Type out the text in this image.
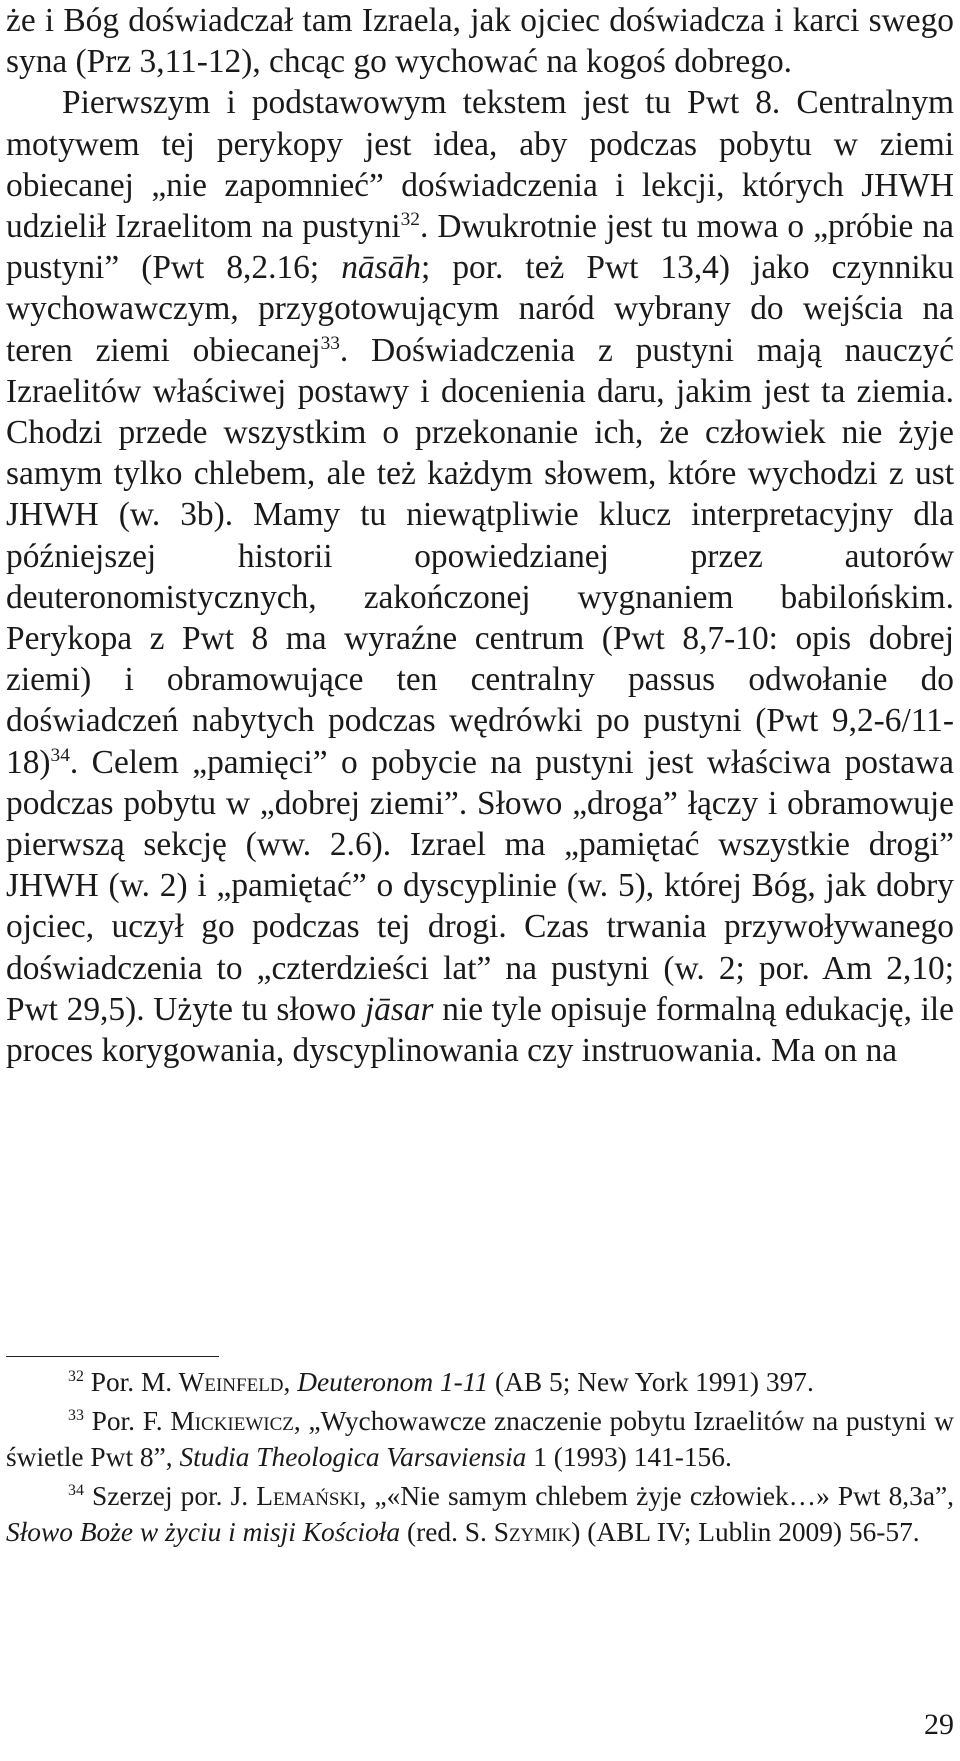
że i Bóg doświadczał tam Izraela, jak ojciec doświadcza i karci swego syna (Prz 3,11-12), chcąc go wychować na kogoś dobrego.

Pierwszym i podstawowym tekstem jest tu Pwt 8. Centralnym motywem tej perykopy jest idea, aby podczas pobytu w ziemi obiecanej „nie zapomnieć” doświadczenia i lekcji, których JHWH udzielił Izraelitom na pustyni$^{32}$. Dwukrotnie jest tu mowa o „próbie na pustyni” (Pwt 8,2.16; nāsāh; por. też Pwt 13,4) jako czynniku wychowawczym, przygotowującym naród wybrany do wejścia na teren ziemi obiecanej$^{33}$. Doświadczenia z pustyni mają nauczyć Izraelitów właściwej postawy i docenienia daru, jakim jest ta ziemia. Chodzi przede wszystkim o przekonanie ich, że człowiek nie żyje samym tylko chlebem, ale też każdym słowem, które wychodzi z ust JHWH (w. 3b). Mamy tu niewątpliwie klucz interpretacyjny dla późniejszej historii opowiedzianej przez autorów deuteronomistycznych, zakończonej wygnaniem babilońskim. Perykopa z Pwt 8 ma wyraźne centrum (Pwt 8,7-10: opis dobrej ziemi) i obramowujące ten centralny passus odwołanie do doświadczeń nabytych podczas wędrówki po pustyni (Pwt 9,2-6/11-18)$^{34}$. Celem „pamięci” o pobycie na pustyni jest właściwa postawa podczas pobytu w „dobrej ziemi”. Słowo „droga” łączy i obramowuje pierwszą sekcję (ww. 2.6). Izrael ma „pamiętać wszystkie drogi” JHWH (w. 2) i „pamiętać” o dyscyplinie (w. 5), której Bóg, jak dobry ojciec, uczył go podczas tej drogi. Czas trwania przywoływanego doświadczenia to „czterdzieści lat” na pustyni (w. 2; por. Am 2,10; Pwt 29,5). Użyte tu słowo jāsar nie tyle opisuje formalną edukację, ile proces korygowania, dyscyplinowania czy instruowania. Ma on na

$^{32}$ Por. M. Weinfeld, Deuteronom 1-11 (AB 5; New York 1991) 397.

$^{33}$ Por. F. Mickiewicz, „Wychowawcze znaczenie pobytu Izraelitów na pustyni w świetle Pwt 8”, Studia Theologica Varsaviensia 1 (1993) 141-156.

$^{34}$ Szerzej por. J. Lemański, „«Nie samym chlebem żyje człowiek…» Pwt 8,3a”, Słowo Boże w życiu i misji Kościoła (red. S. Szymik) (ABL IV; Lublin 2009) 56-57.

29
